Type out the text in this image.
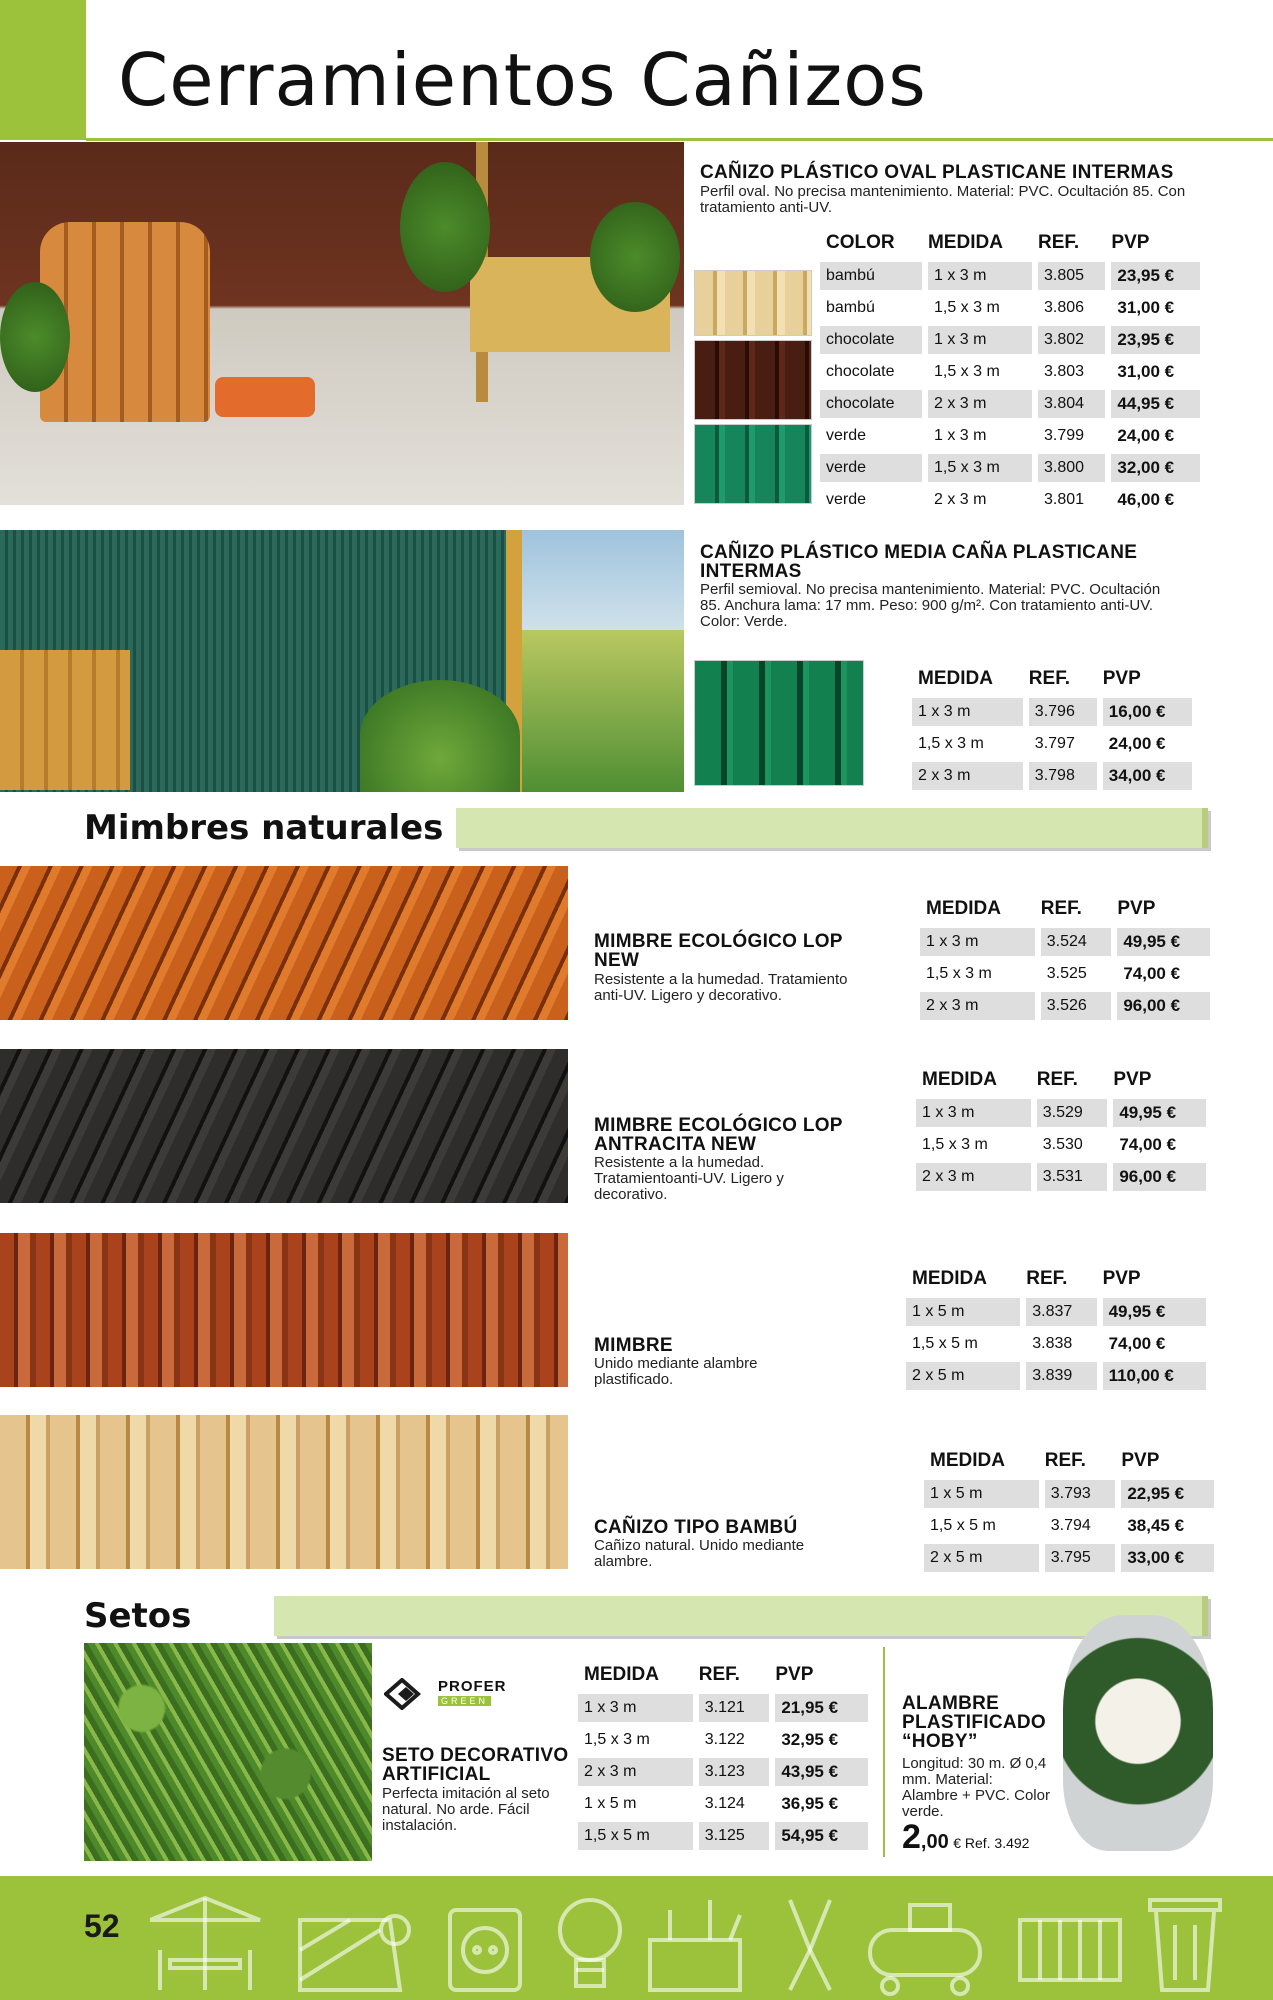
Cerramientos Cañizos
CAÑIZO PLÁSTICO OVAL PLASTICANE INTERMAS
Perfil oval. No precisa mantenimiento. Material: PVC. Ocultación 85. Con tratamiento anti-UV.
COLOR	MEDIDA	REF.	PVP
bambú	1 x 3 m	3.805	23,95 €
bambú	1,5 x 3 m	3.806	31,00 €
chocolate	1 x 3 m	3.802	23,95 €
chocolate	1,5 x 3 m	3.803	31,00 €
chocolate	2 x 3 m	3.804	44,95 €
verde	1 x 3 m	3.799	24,00 €
verde	1,5 x 3 m	3.800	32,00 €
verde	2 x 3 m	3.801	46,00 €
CAÑIZO PLÁSTICO MEDIA CAÑA PLASTICANE
INTERMAS
Perfil semioval. No precisa mantenimiento. Material: PVC. Ocultación 85. Anchura lama: 17 mm. Peso: 900 g/m². Con tratamiento anti-UV. Color: Verde.
MEDIDA	REF.	PVP
1 x 3 m	3.796	16,00 €
1,5 x 3 m	3.797	24,00 €
2 x 3 m	3.798	34,00 €
Mimbres naturales
MIMBRE ECOLÓGICO LOP NEW
Resistente a la humedad. Tratamiento anti-UV. Ligero y decorativo.
MEDIDA	REF.	PVP
1 x 3 m	3.524	49,95 €
1,5 x 3 m	3.525	74,00 €
2 x 3 m	3.526	96,00 €
MIMBRE ECOLÓGICO LOP ANTRACITA NEW
Resistente a la humedad. Tratamientoanti-UV. Ligero y decorativo.
MEDIDA	REF.	PVP
1 x 3 m	3.529	49,95 €
1,5 x 3 m	3.530	74,00 €
2 x 3 m	3.531	96,00 €
MIMBRE
Unido mediante alambre plastificado.
MEDIDA	REF.	PVP
1 x 5 m	3.837	49,95 €
1,5 x 5 m	3.838	74,00 €
2 x 5 m	3.839	110,00 €
CAÑIZO TIPO BAMBÚ
Cañizo natural. Unido mediante alambre.
MEDIDA	REF.	PVP
1 x 5 m	3.793	22,95 €
1,5 x 5 m	3.794	38,45 €
2 x 5 m	3.795	33,00 €
Setos
PROFER
GREEN
SETO DECORATIVO ARTIFICIAL
Perfecta imitación al seto natural. No arde. Fácil instalación.
MEDIDA	REF.	PVP
1 x 3 m	3.121	21,95 €
1,5 x 3 m	3.122	32,95 €
2 x 3 m	3.123	43,95 €
1 x 5 m	3.124	36,95 €
1,5 x 5 m	3.125	54,95 €
ALAMBRE PLASTIFICADO “HOBY”
Longitud: 30 m. Ø 0,4 mm. Material: Alambre + PVC. Color verde.
2,00 € Ref. 3.492
52
